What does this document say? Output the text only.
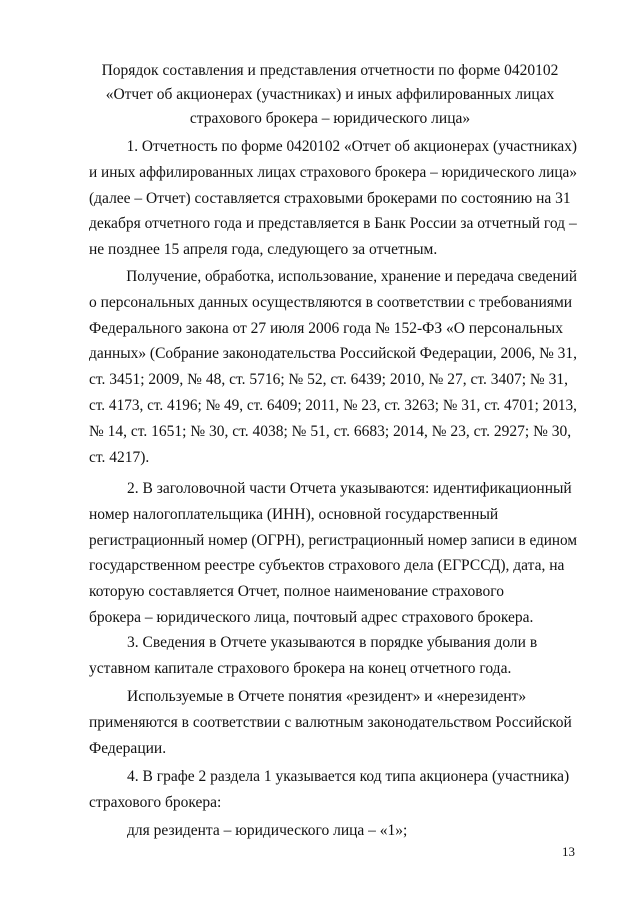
Порядок составления и представления отчетности по форме 0420102
«Отчет об акционерах (участниках) и иных аффилированных лицах
страхового брокера – юридического лица»
1. Отчетность по форме 0420102 «Отчет об акционерах (участниках)
и иных аффилированных лицах страхового брокера – юридического лица»
(далее – Отчет) составляется страховыми брокерами по состоянию на 31
декабря отчетного года и представляется в Банк России за отчетный год –
не позднее 15 апреля года, следующего за отчетным.
Получение, обработка, использование, хранение и передача сведений
о персональных данных осуществляются в соответствии с требованиями
Федерального закона от 27 июля 2006 года № 152-ФЗ «О персональных
данных» (Собрание законодательства Российской Федерации, 2006, № 31,
ст. 3451; 2009, № 48, ст. 5716; № 52, ст. 6439; 2010, № 27, ст. 3407; № 31,
ст. 4173, ст. 4196; № 49, ст. 6409; 2011, № 23, ст. 3263; № 31, ст. 4701; 2013,
№ 14, ст. 1651; № 30, ст. 4038; № 51, ст. 6683; 2014, № 23, ст. 2927; № 30,
ст. 4217).
2. В заголовочной части Отчета указываются: идентификационный
номер налогоплательщика (ИНН), основной государственный
регистрационный номер (ОГРН), регистрационный номер записи в едином
государственном реестре субъектов страхового дела (ЕГРССД), дата, на
которую составляется Отчет, полное наименование страхового
брокера – юридического лица, почтовый адрес страхового брокера.
3. Сведения в Отчете указываются в порядке убывания доли в
уставном капитале страхового брокера на конец отчетного года.
Используемые в Отчете понятия «резидент» и «нерезидент»
применяются в соответствии с валютным законодательством Российской
Федерации.
4. В графе 2 раздела 1 указывается код типа акционера (участника)
страхового брокера:
для резидента – юридического лица – «1»;
13
